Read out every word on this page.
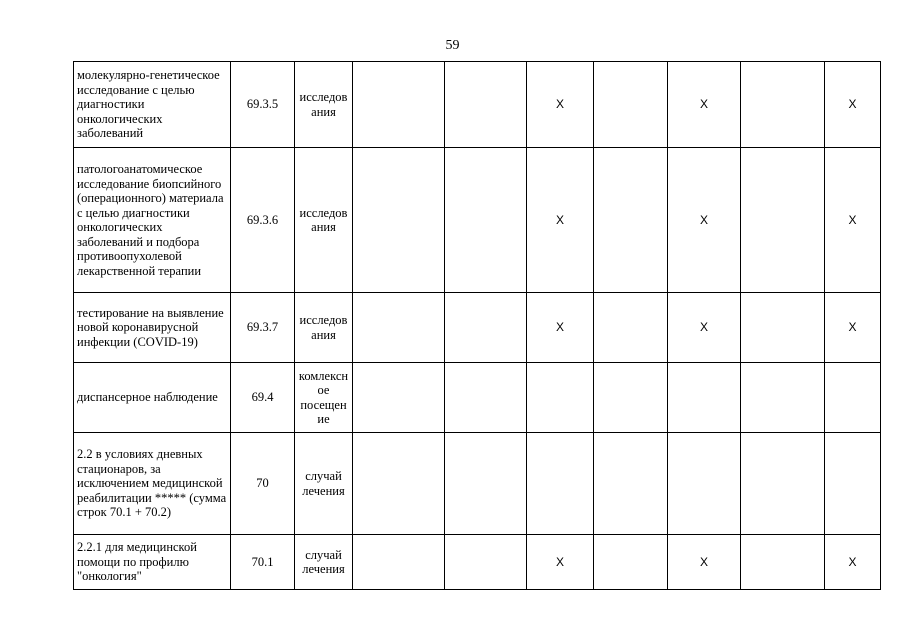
59
молекулярно-генетическое исследование с целью диагностики онкологических заболеваний	69.3.5	исследов ания			X		X		X
патологоанатомическое исследование биопсийного (операционного) материала с целью диагностики онкологических заболеваний и подбора противоопухолевой лекарственной терапии	69.3.6	исследов ания			X		X		X
тестирование на выявление новой коронавирусной инфекции (COVID-19)	69.3.7	исследов ания			X		X		X
диспансерное наблюдение	69.4	комлексн ое посещен ие							
2.2 в условиях дневных стационаров, за исключением медицинской реабилитации ***** (сумма строк 70.1 + 70.2)	70	случай лечения							
2.2.1 для медицинской помощи по профилю "онкология"	70.1	случай лечения			X		X		X
